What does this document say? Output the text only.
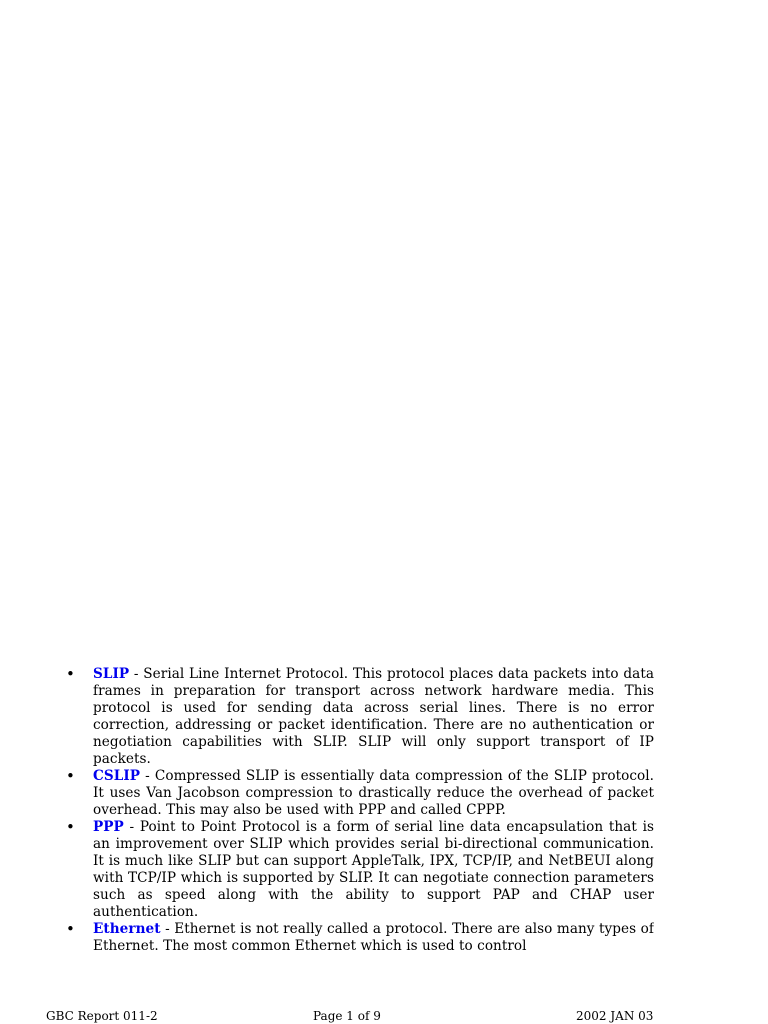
• SLIP - Serial Line Internet Protocol. This protocol places data packets into data frames in preparation for transport across network hardware media. This protocol is used for sending data across serial lines. There is no error correction, addressing or packet identification. There are no authentication or negotiation capabilities with SLIP. SLIP will only support transport of IP packets.
• CSLIP - Compressed SLIP is essentially data compression of the SLIP protocol. It uses Van Jacobson compression to drastically reduce the overhead of packet overhead. This may also be used with PPP and called CPPP.
• PPP - Point to Point Protocol is a form of serial line data encapsulation that is an improvement over SLIP which provides serial bi-directional communication. It is much like SLIP but can support AppleTalk, IPX, TCP/IP, and NetBEUI along with TCP/IP which is supported by SLIP. It can negotiate connection parameters such as speed along with the ability to support PAP and CHAP user authentication.
• Ethernet - Ethernet is not really called a protocol. There are also many types of Ethernet. The most common Ethernet which is used to control
GBC Report 011-2	Page 1 of 9	2002 JAN 03
